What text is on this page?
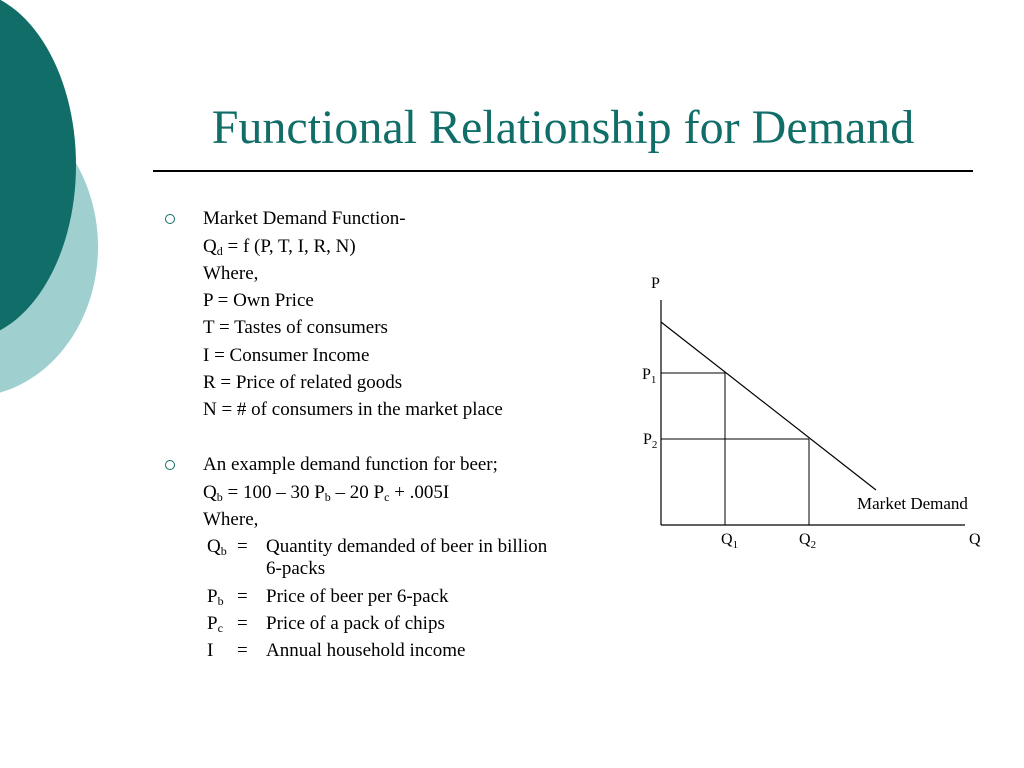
Functional Relationship for Demand
Market Demand Function-
$Q_d = f$ (P, T, I, R, N)
Where,
P = Own Price
T = Tastes of consumers
I = Consumer Income
R = Price of related goods
N = # of consumers in the market place
An example demand function for beer;
$Q_b = 100 - 30$ $P_b - 20$ $P_c + .005I$
Where,
$Q_b$ = Quantity demanded of beer in billion 6-packs
$P_b$ = Price of beer per 6-pack
$P_c$ = Price of a pack of chips
I = Annual household income
P
Q
$P_1$
$P_2$
$Q_1$	$Q_2$
Market Demand
